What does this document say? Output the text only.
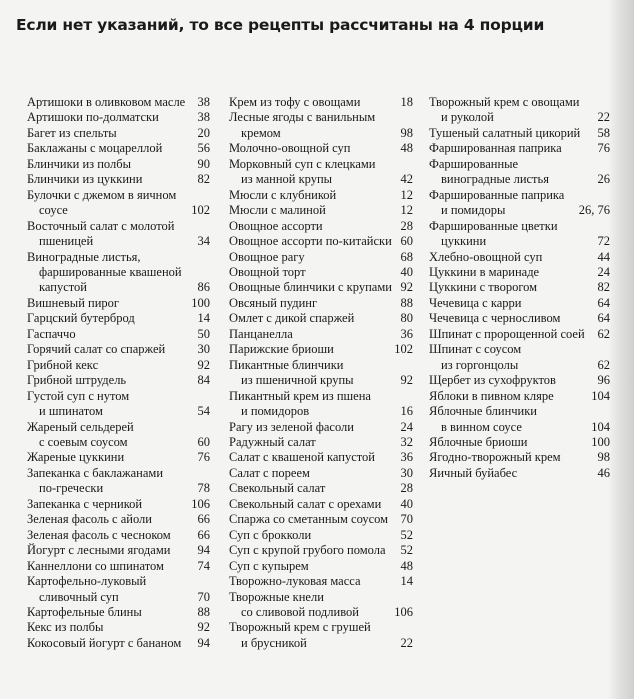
Если нет указаний, то все рецепты рассчитаны на 4 порции
Артишоки в оливковом масле 38
Артишоки по-долматски	38
Багет из спельты	20
Баклажаны с моцареллой	56
Блинчики из полбы	90
Блинчики из цуккини	82
Булочки с джемом в яичном
соусе	102
Восточный салат с молотой
пшеницей	34
Виноградные листья,
фаршированные квашеной
капустой	86
Вишневый пирог	100
Гарцский бутерброд	14
Гаспаччо	50
Горячий салат со спаржей	30
Грибной кекс	92
Грибной штрудель	84
Густой суп с нутом
и шпинатом	54
Жареный сельдерей
с соевым соусом	60
Жареные цуккини	76
Запеканка с баклажанами
по-гречески	78
Запеканка с черникой	106
Зеленая фасоль с айоли	66
Зеленая фасоль с чесноком	66
Йогурт с лесными ягодами	94
Каннеллони со шпинатом	74
Картофельно-луковый
сливочный суп	70
Картофельные блины	88
Кекс из полбы	92
Кокосовый йогурт с бананом	94
Крем из тофу с овощами	18
Лесные ягоды с ванильным
кремом	98
Молочно-овощной суп	48
Морковный суп с клецками
из манной крупы	42
Мюсли с клубникой	12
Мюсли с малиной	12
Овощное ассорти	28
Овощное ассорти по-китайски 60
Овощное рагу	68
Овощной торт	40
Овощные блинчики с крупами 92
Овсяный пудинг	88
Омлет с дикой спаржей	80
Панцанелла	36
Парижские бриоши	102
Пикантные блинчики
из пшеничной крупы	92
Пикантный крем из пшена
и помидоров	16
Рагу из зеленой фасоли	24
Радужный салат	32
Салат с квашеной капустой	36
Салат с пореем	30
Свекольный салат	28
Свекольный салат с орехами	40
Спаржа со сметанным соусом 70
Суп с брокколи	52
Суп с крупой грубого помола	52
Суп с купырем	48
Творожно-луковая масса	14
Творожные кнели
со сливовой подливой	106
Творожный крем с грушей
и брусникой	22
Творожный крем с овощами
и руколой	22
Тушеный салатный цикорий	58
Фаршированная паприка	76
Фаршированные
виноградные листья	26
Фаршированные паприка
и помидоры	26, 76
Фаршированные цветки
цуккини	72
Хлебно-овощной суп	44
Цуккини в маринаде	24
Цуккини с творогом	82
Чечевица с карри	64
Чечевица с черносливом	64
Шпинат с пророщенной соей	62
Шпинат с соусом
из горгонцолы	62
Щербет из сухофруктов	96
Яблоки в пивном кляре	104
Яблочные блинчики
в винном соусе	104
Яблочные бриоши	100
Ягодно-творожный крем	98
Яичный буйабес	46
